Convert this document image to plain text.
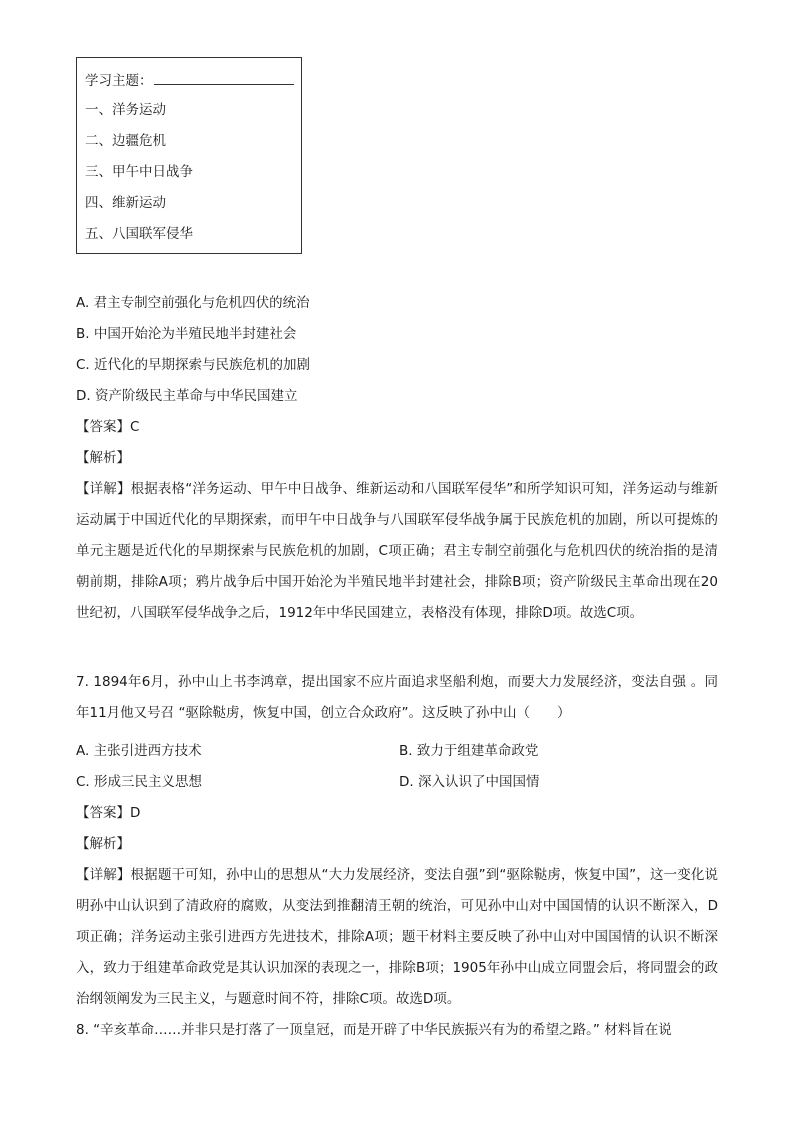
学习主题：
一、洋务运动
二、边疆危机
三、甲午中日战争
四、维新运动
五、八国联军侵华
A. 君主专制空前强化与危机四伏的统治
B. 中国开始沦为半殖民地半封建社会
C. 近代化的早期探索与民族危机的加剧
D. 资产阶级民主革命与中华民国建立
【答案】C
【解析】
【详解】根据表格“洋务运动、甲午中日战争、维新运动和八国联军侵华”和所学知识可知，洋务运动与维新运动属于中国近代化的早期探索，而甲午中日战争与八国联军侵华战争属于民族危机的加剧，所以可提炼的单元主题是近代化的早期探索与民族危机的加剧，C项正确；君主专制空前强化与危机四伏的统治指的是清朝前期，排除A项；鸦片战争后中国开始沦为半殖民地半封建社会，排除B项；资产阶级民主革命出现在20世纪初，八国联军侵华战争之后，1912年中华民国建立，表格没有体现，排除D项。故选C项。
7. 1894年6月，孙中山上书李鸿章，提出国家不应片面追求坚船利炮，而要大力发展经济，变法自强 。同年11月他又号召 “驱除鞑虏，恢复中国，创立合众政府”。这反映了孙中山（　　）
A. 主张引进西方技术	B. 致力于组建革命政党
C. 形成三民主义思想	D. 深入认识了中国国情
【答案】D
【解析】
【详解】根据题干可知，孙中山的思想从“大力发展经济，变法自强”到“驱除鞑虏，恢复中国”，这一变化说明孙中山认识到了清政府的腐败，从变法到推翻清王朝的统治，可见孙中山对中国国情的认识不断深入，D项正确；洋务运动主张引进西方先进技术，排除A项；题干材料主要反映了孙中山对中国国情的认识不断深入，致力于组建革命政党是其认识加深的表现之一，排除B项；1905年孙中山成立同盟会后，将同盟会的政治纲领阐发为三民主义，与题意时间不符，排除C项。故选D项。
8. “辛亥革命……并非只是打落了一顶皇冠，而是开辟了中华民族振兴有为的希望之路。” 材料旨在说
